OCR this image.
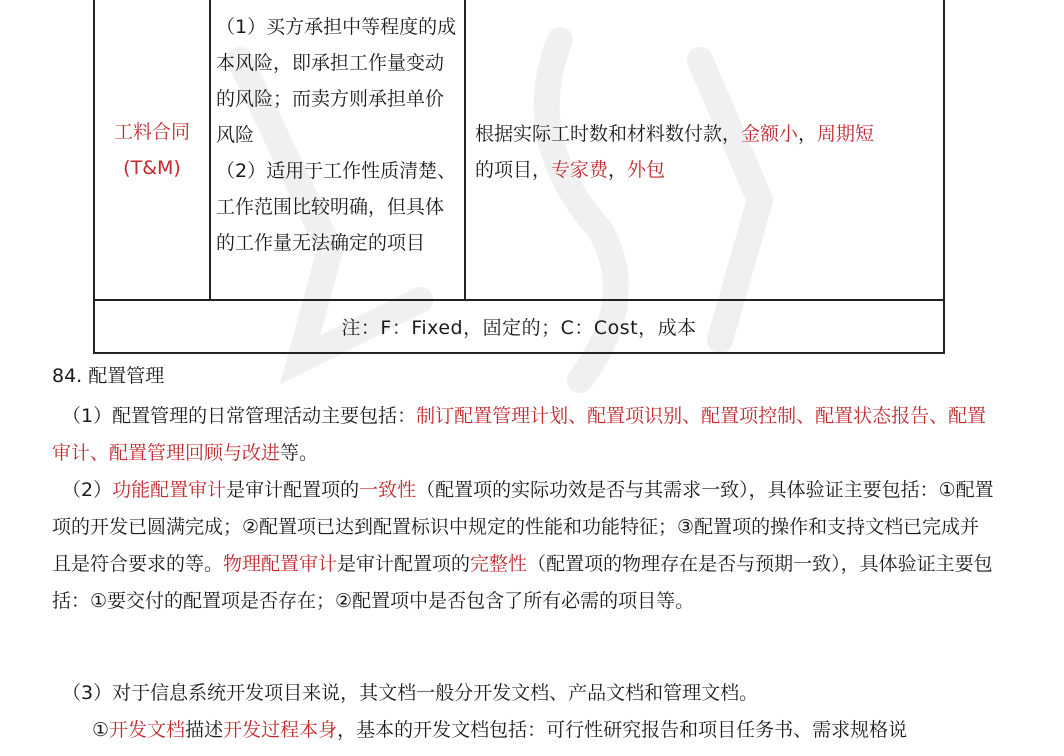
工料合同
(T&M)

（1）买方承担中等程度的成本风险，即承担工作量变动的风险；而卖方则承担单价风险

（2）适用于工作性质清楚、工作范围比较明确，但具体的工作量无法确定的项目

根据实际工时数和材料数付款，金额小，周期短
的项目，专家费，外包
注：F：Fixed，固定的；C：Cost，成本

84. 配置管理

（1）配置管理的日常管理活动主要包括：制订配置管理计划、配置项识别、配置项控制、配置状态报告、配置审计、配置管理回顾与改进等。

（2）功能配置审计是审计配置项的一致性（配置项的实际功效是否与其需求一致），具体验证主要包括：①配置项的开发已圆满完成；②配置项已达到配置标识中规定的性能和功能特征；③配置项的操作和支持文档已完成并且是符合要求的等。物理配置审计是审计配置项的完整性（配置项的物理存在是否与预期一致），具体验证主要包括：①要交付的配置项是否存在；②配置项中是否包含了所有必需的项目等。

（3）对于信息系统开发项目来说，其文档一般分开发文档、产品文档和管理文档。

①开发文档描述开发过程本身，基本的开发文档包括：可行性研究报告和项目任务书、需求规格说
